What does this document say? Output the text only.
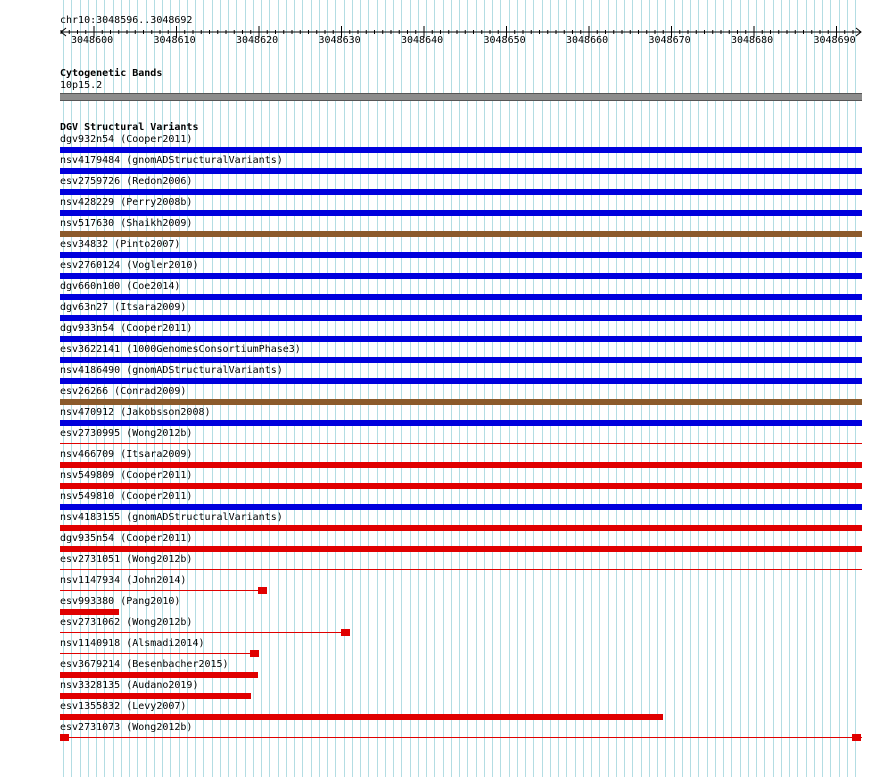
chr10:3048596..3048692
3048600	3048610	3048620	3048630	3048640	3048650	3048660	3048670	3048680	3048690
Cytogenetic Bands
10p15.2
DGV Structural Variants
dgv932n54 (Cooper2011)
nsv4179484 (gnomADStructuralVariants)
esv2759726 (Redon2006)
nsv428229 (Perry2008b)
nsv517630 (Shaikh2009)
esv34832 (Pinto2007)
esv2760124 (Vogler2010)
dgv660n100 (Coe2014)
dgv63n27 (Itsara2009)
dgv933n54 (Cooper2011)
esv3622141 (1000GenomesConsortiumPhase3)
nsv4186490 (gnomADStructuralVariants)
esv26266 (Conrad2009)
nsv470912 (Jakobsson2008)
esv2730995 (Wong2012b)
nsv466709 (Itsara2009)
nsv549809 (Cooper2011)
nsv549810 (Cooper2011)
nsv4183155 (gnomADStructuralVariants)
dgv935n54 (Cooper2011)
esv2731051 (Wong2012b)
nsv1147934 (John2014)
esv993380 (Pang2010)
esv2731062 (Wong2012b)
nsv1140918 (Alsmadi2014)
esv3679214 (Besenbacher2015)
nsv3328135 (Audano2019)
esv1355832 (Levy2007)
esv2731073 (Wong2012b)
